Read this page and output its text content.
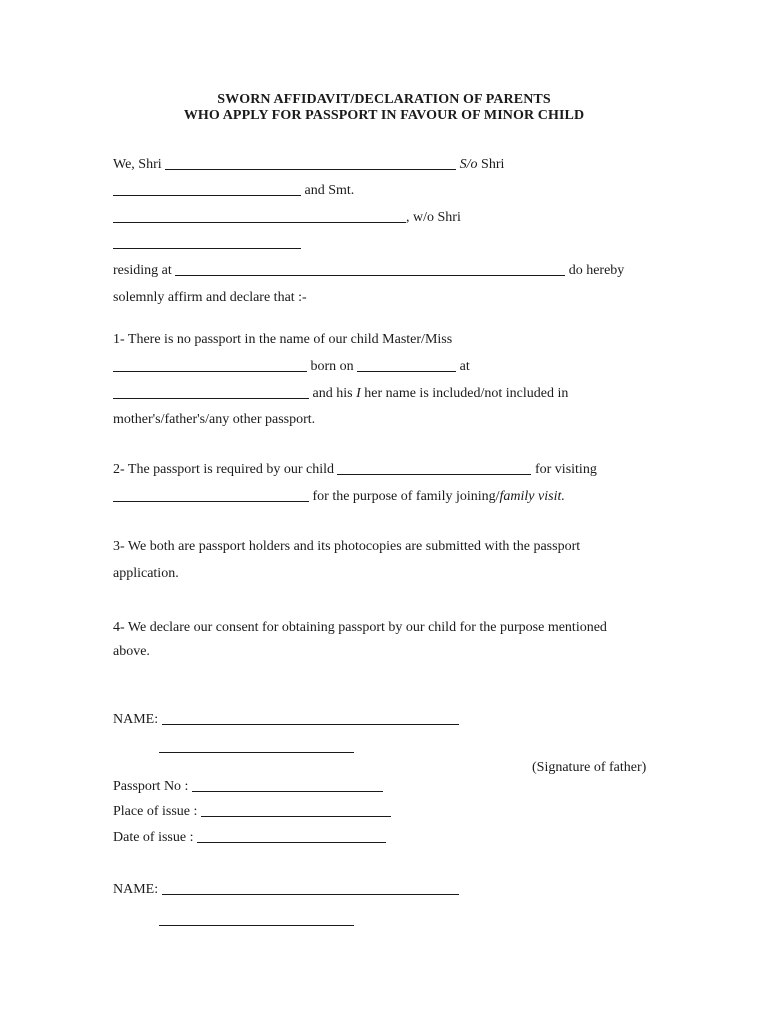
SWORN AFFIDAVIT/DECLARATION OF PARENTS
WHO APPLY FOR PASSPORT IN FAVOUR OF MINOR CHILD
We, Shri	S/o Shri
and Smt.
, w/o Shri
residing at	do hereby
solemnly affirm and declare that :-
1- There is no passport in the name of our child Master/Miss
born on	at
and his I her name is included/not included in
mother's/father's/any other passport.
2- The passport is required by our child	for visiting
for the purpose of family joining/family visit.
3- We both are passport holders and its photocopies are submitted with the passport
application.
4- We declare our consent for obtaining passport by our child for the purpose mentioned
above.
NAME:
(Signature of father)
Passport No :
Place of issue :
Date of issue :
NAME:
